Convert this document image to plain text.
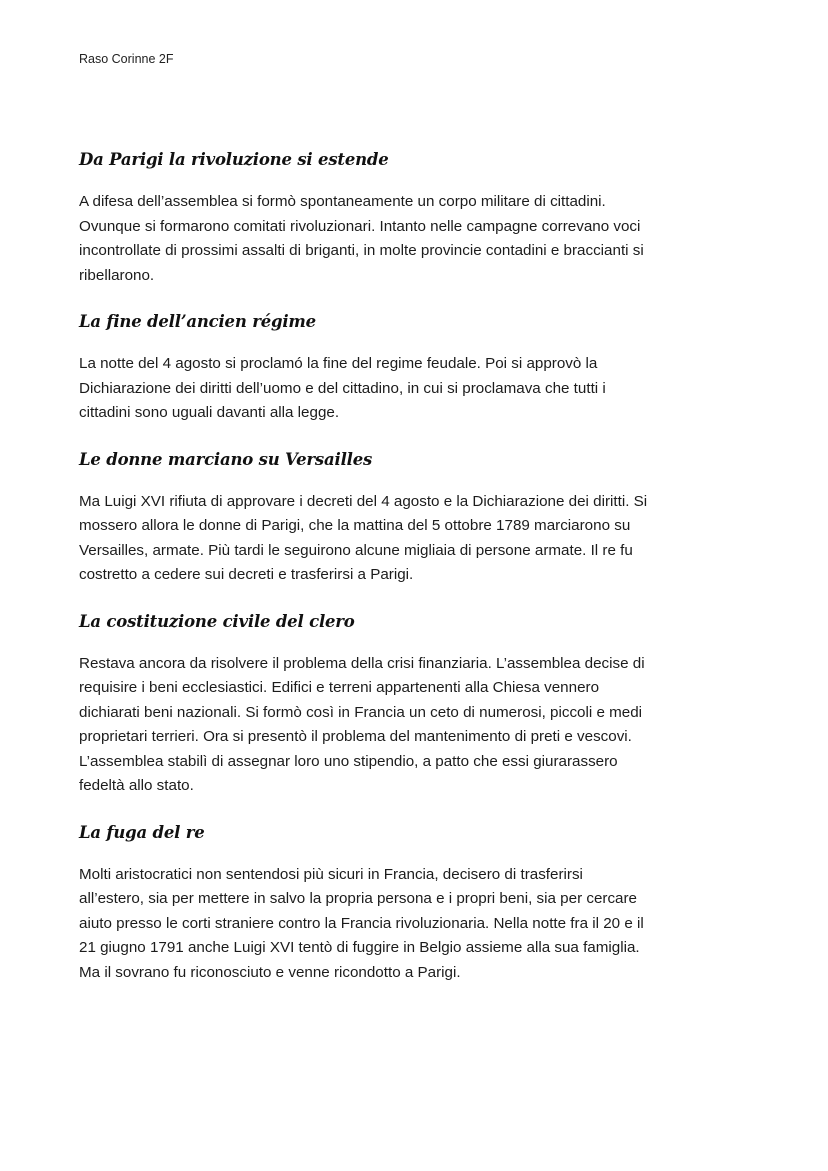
Raso Corinne 2F
Da Parigi la rivoluzione si estende

A difesa dell’assemblea si formò spontaneamente un corpo militare di cittadini.
Ovunque si formarono comitati rivoluzionari. Intanto nelle campagne correvano voci
incontrollate di prossimi assalti di briganti, in molte provincie contadini e braccianti si
ribellarono.

La fine dell’ancien régime

La notte del 4 agosto si proclamó la fine del regime feudale. Poi si approvò la
Dichiarazione dei diritti dell’uomo e del cittadino, in cui si proclamava che tutti i
cittadini sono uguali davanti alla legge.

Le donne marciano su Versailles

Ma Luigi XVI rifiuta di approvare i decreti del 4 agosto e la Dichiarazione dei diritti. Si
mossero allora le donne di Parigi, che la mattina del 5 ottobre 1789 marciarono su
Versailles, armate. Più tardi le seguirono alcune migliaia di persone armate. Il re fu
costretto a cedere sui decreti e trasferirsi a Parigi.

La costituzione civile del clero

Restava ancora da risolvere il problema della crisi finanziaria. L’assemblea decise di
requisire i beni ecclesiastici. Edifici e terreni appartenenti alla Chiesa vennero
dichiarati beni nazionali. Si formò così in Francia un ceto di numerosi, piccoli e medi
proprietari terrieri. Ora si presentò il problema del mantenimento di preti e vescovi.
L’assemblea stabilì di assegnar loro uno stipendio, a patto che essi giurarassero
fedeltà allo stato.

La fuga del re

Molti aristocratici non sentendosi più sicuri in Francia, decisero di trasferirsi
all’estero, sia per mettere in salvo la propria persona e i propri beni, sia per cercare
aiuto presso le corti straniere contro la Francia rivoluzionaria. Nella notte fra il 20 e il
21 giugno 1791 anche Luigi XVI tentò di fuggire in Belgio assieme alla sua famiglia.
Ma il sovrano fu riconosciuto e venne ricondotto a Parigi.
